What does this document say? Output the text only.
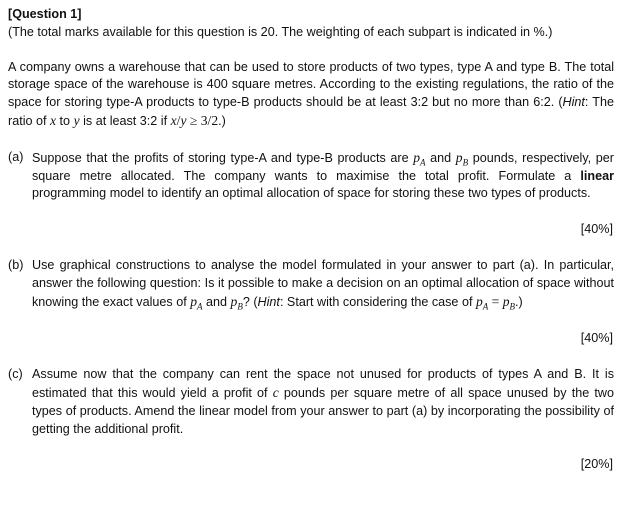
[Question 1]

(The total marks available for this question is 20. The weighting of each subpart is indicated in %.)

A company owns a warehouse that can be used to store products of two types, type A and type B. The total storage space of the warehouse is 400 square metres. According to the existing regulations, the ratio of the space for storing type-A products to type-B products should be at least 3:2 but no more than 6:2. (Hint: The ratio of x to y is at least 3:2 if x/y ≥ 3/2.)

(a) Suppose that the profits of storing type-A and type-B products are $p_A$ and $p_B$ pounds, respectively, per square metre allocated. The company wants to maximise the total profit. Formulate a linear programming model to identify an optimal allocation of space for storing these two types of products.
[40%]
(b) Use graphical constructions to analyse the model formulated in your answer to part (a). In particular, answer the following question: Is it possible to make a decision on an optimal allocation of space without knowing the exact values of $p_A$ and $p_B$? (Hint: Start with considering the case of $p_A = p_B$.)
[40%]
(c) Assume now that the company can rent the space not unused for products of types A and B. It is estimated that this would yield a profit of c pounds per square metre of all space unused by the two types of products. Amend the linear model from your answer to part (a) by incorporating the possibility of getting the additional profit.
[20%]
